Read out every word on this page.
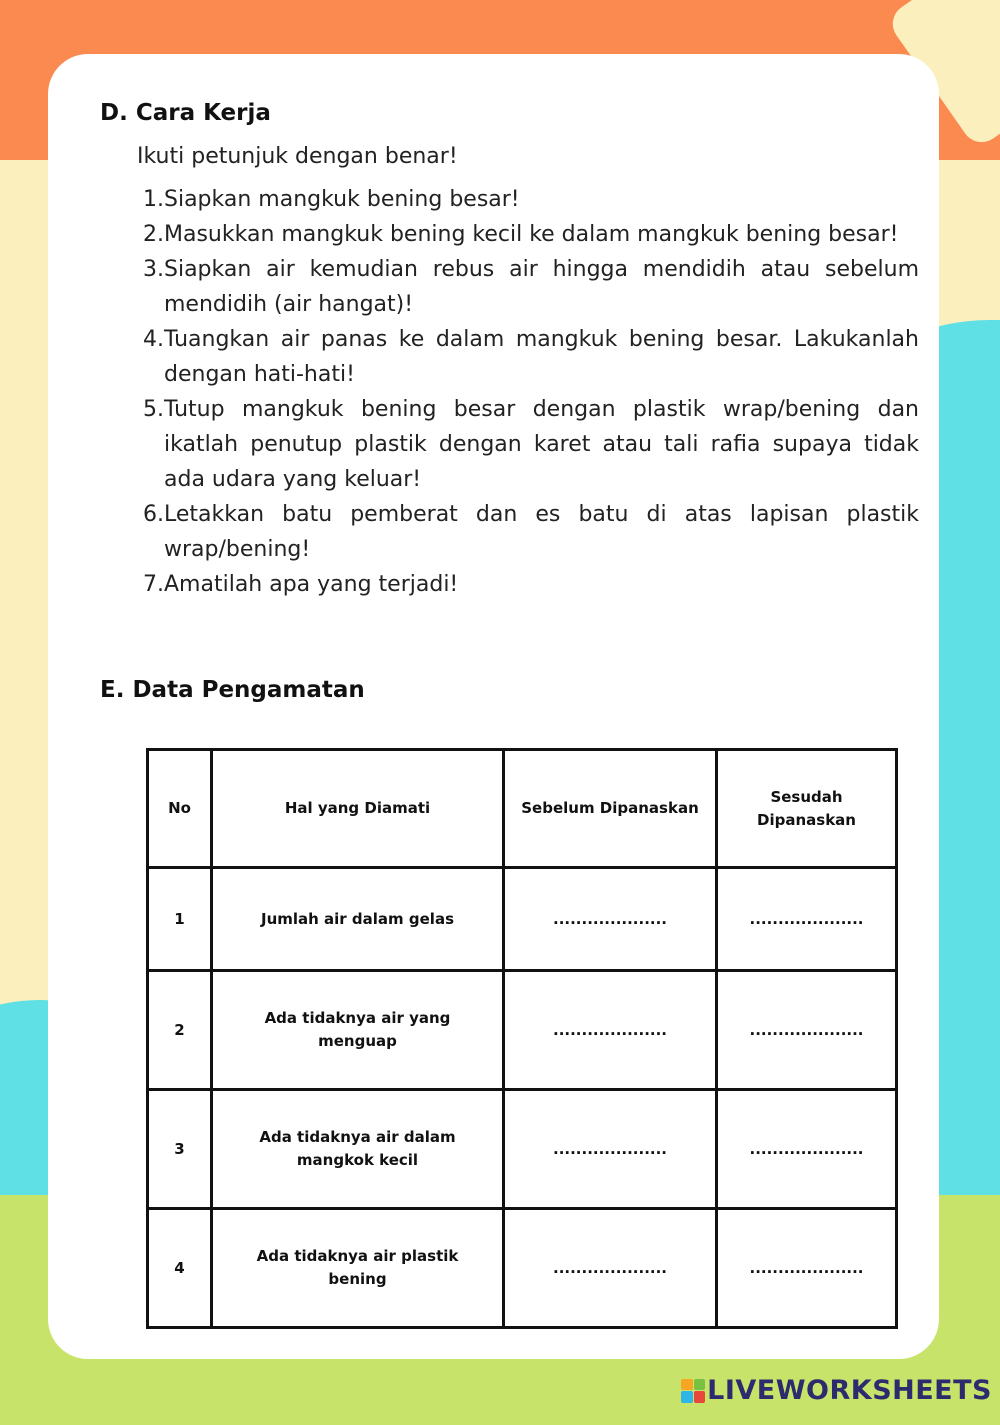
D. Cara Kerja
Ikuti petunjuk dengan benar!
1. Siapkan mangkuk bening besar!
2. Masukkan mangkuk bening kecil ke dalam mangkuk bening besar!
3. Siapkan air kemudian rebus air hingga mendidih atau sebelum mendidih (air hangat)!
4. Tuangkan air panas ke dalam mangkuk bening besar. Lakukanlah dengan hati-hati!
5. Tutup mangkuk bening besar dengan plastik wrap/bening dan ikatlah penutup plastik dengan karet atau tali rafia supaya tidak ada udara yang keluar!
6. Letakkan batu pemberat dan es batu di atas lapisan plastik wrap/bening!
7. Amatilah apa yang terjadi!
E. Data Pengamatan
No	Hal yang Diamati	Sebelum Dipanaskan	Sesudah Dipanaskan
1	Jumlah air dalam gelas	....................	....................
2	Ada tidaknya air yang menguap	....................	....................
3	Ada tidaknya air dalam mangkok kecil	....................	....................
4	Ada tidaknya air plastik bening	....................	....................
LIVEWORKSHEETS
